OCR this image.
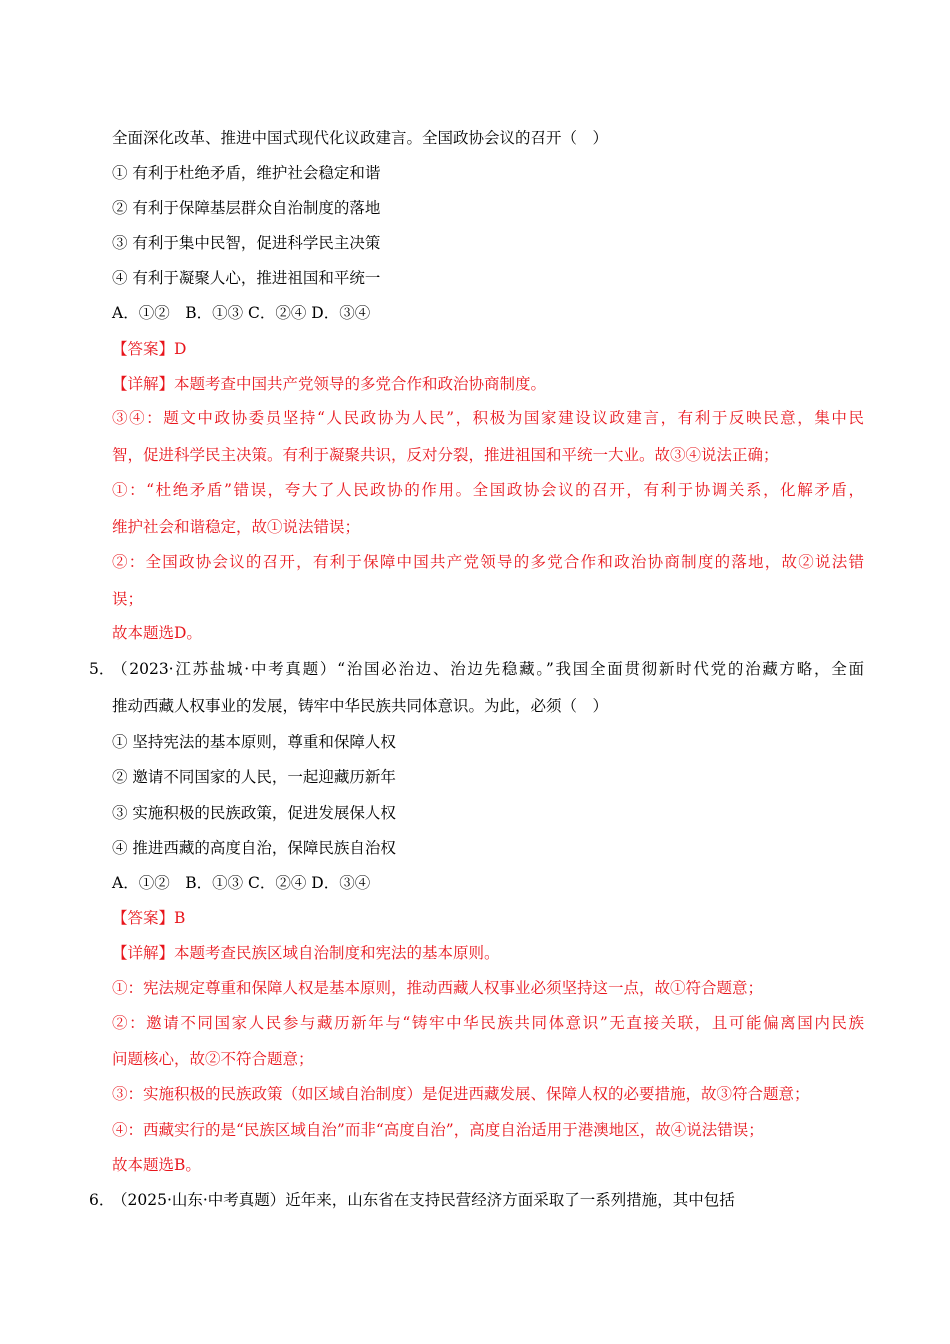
全面深化改革、推进中国式现代化议政建言。全国政协会议的召开（　）

① 有利于杜绝矛盾，维护社会稳定和谐

② 有利于保障基层群众自治制度的落地

③ 有利于集中民智，促进科学民主决策

④ 有利于凝聚人心，推进祖国和平统一

A．①②　B．①③ C．②④ D．③④

【答案】D

【详解】本题考查中国共产党领导的多党合作和政治协商制度。

③④：题文中政协委员坚持“人民政协为人民”，积极为国家建设议政建言，有利于反映民意，集中民

智，促进科学民主决策。有利于凝聚共识，反对分裂，推进祖国和平统一大业。故③④说法正确；

①：“杜绝矛盾”错误，夸大了人民政协的作用。全国政协会议的召开，有利于协调关系，化解矛盾，

维护社会和谐稳定，故①说法错误；

②：全国政协会议的召开，有利于保障中国共产党领导的多党合作和政治协商制度的落地，故②说法错

误；

故本题选D。

5．

（2023·江苏盐城·中考真题）“治国必治边、治边先稳藏。”我国全面贯彻新时代党的治藏方略，全面

推动西藏人权事业的发展，铸牢中华民族共同体意识。为此，必须（　）

① 坚持宪法的基本原则，尊重和保障人权

② 邀请不同国家的人民，一起迎藏历新年

③ 实施积极的民族政策，促进发展保人权

④ 推进西藏的高度自治，保障民族自治权

A．①②　B．①③ C．②④ D．③④

【答案】B

【详解】本题考查民族区域自治制度和宪法的基本原则。

①：宪法规定尊重和保障人权是基本原则，推动西藏人权事业必须坚持这一点，故①符合题意；

②：邀请不同国家人民参与藏历新年与“铸牢中华民族共同体意识”无直接关联，且可能偏离国内民族

问题核心，故②不符合题意；

③：实施积极的民族政策（如区域自治制度）是促进西藏发展、保障人权的必要措施，故③符合题意；

④：西藏实行的是“民族区域自治”而非“高度自治”，高度自治适用于港澳地区，故④说法错误；

故本题选B。

6．

（2025·山东·中考真题）近年来，山东省在支持民营经济方面采取了一系列措施，其中包括
